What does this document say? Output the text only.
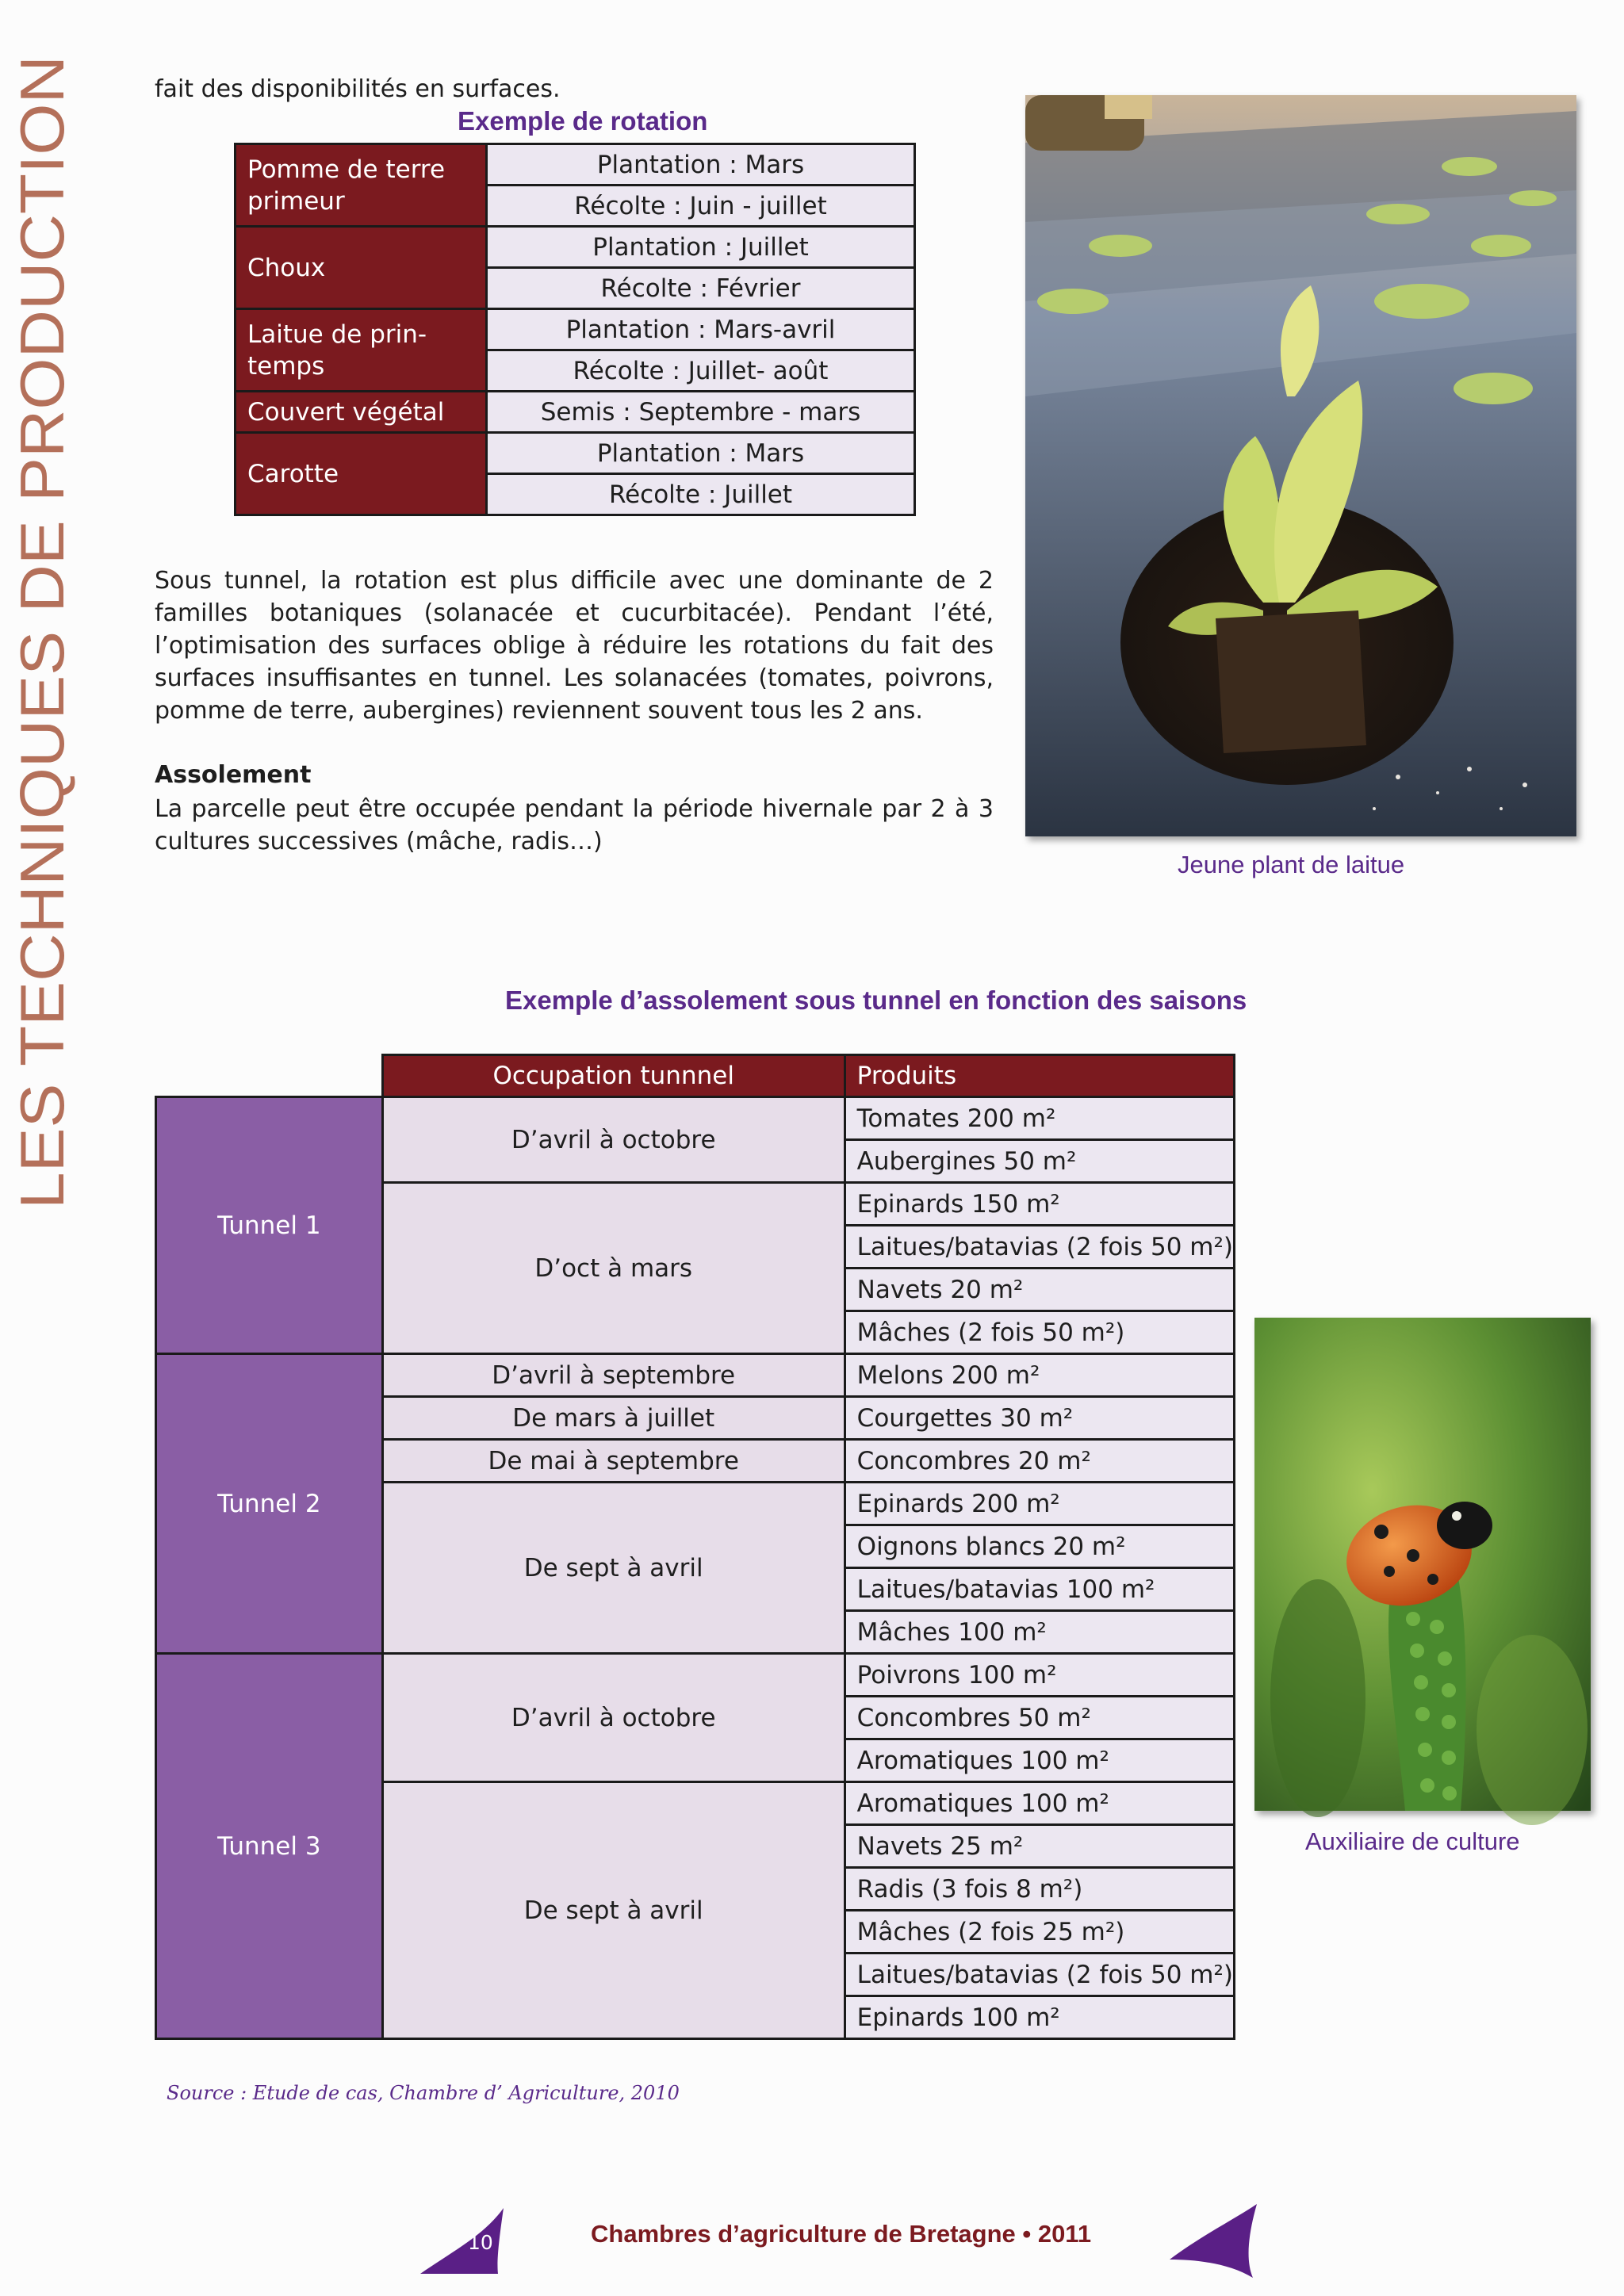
LES TECHNIQUES DE PRODUCTION
fait des disponibilités en surfaces.
Exemple de rotation
Pomme de terre primeur	Plantation : Mars
	Récolte : Juin - juillet
Choux	Plantation : Juillet
	Récolte : Février
Laitue de prin-temps	Plantation : Mars-avril
	Récolte : Juillet- août
Couvert végétal	Semis : Septembre - mars
Carotte	Plantation : Mars
	Récolte : Juillet
Sous tunnel, la rotation est plus difficile avec une dominante de 2 familles botaniques (solanacée et cucurbitacée). Pendant l’été, l’optimisation des surfaces oblige à réduire les rotations du fait des surfaces insuffisantes en tunnel. Les solanacées (tomates, poivrons, pomme de terre, aubergines) reviennent souvent tous les 2 ans.
Assolement
La parcelle peut être occupée pendant la période hivernale par 2 à 3 cultures successives (mâche, radis…)
Jeune plant de laitue
Exemple d’assolement sous tunnel en fonction des saisons
	Occupation tunnnel	Produits
Tunnel 1	D’avril à octobre	Tomates 200 m²
		Aubergines 50 m²
	D’oct à mars	Epinards 150 m²
		Laitues/batavias (2 fois 50 m²)
		Navets 20 m²
		Mâches (2 fois 50 m²)
Tunnel 2	D’avril à septembre	Melons 200 m²
	De mars à juillet	Courgettes 30 m²
	De mai à septembre	Concombres 20 m²
	De sept à avril	Epinards 200 m²
		Oignons blancs 20 m²
		Laitues/batavias 100 m²
		Mâches 100 m²
Tunnel 3	D’avril à octobre	Poivrons 100 m²
		Concombres 50 m²
		Aromatiques 100 m²
	De sept à avril	Aromatiques 100 m²
		Navets 25 m²
		Radis (3 fois 8 m²)
		Mâches (2 fois 25 m²)
		Laitues/batavias (2 fois 50 m²)
		Epinards 100 m²
Auxiliaire de culture
Source : Etude de cas, Chambre d’ Agriculture, 2010
10	Chambres d’agriculture de Bretagne • 2011
